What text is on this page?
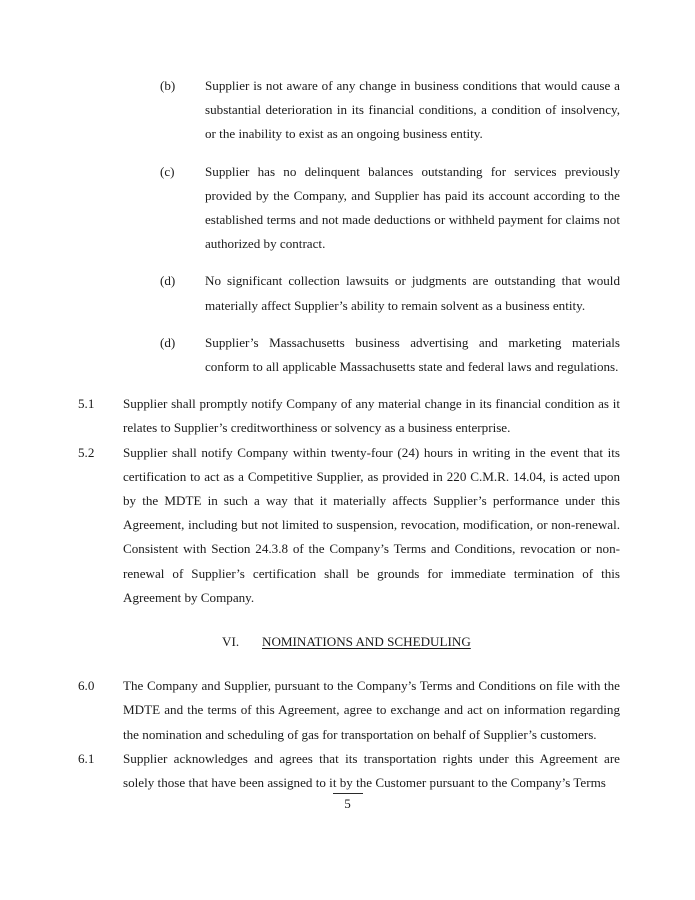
(b)	Supplier is not aware of any change in business conditions that would cause a substantial deterioration in its financial conditions, a condition of insolvency, or the inability to exist as an ongoing business entity.
(c)	Supplier has no delinquent balances outstanding for services previously provided by the Company, and Supplier has paid its account according to the established terms and not made deductions or withheld payment for claims not authorized by contract.
(d)	No significant collection lawsuits or judgments are outstanding that would materially affect Supplier’s ability to remain solvent as a business entity.
(d)	Supplier’s Massachusetts business advertising and marketing materials conform to all applicable Massachusetts state and federal laws and regulations.
5.1	Supplier shall promptly notify Company of any material change in its financial condition as it relates to Supplier’s creditworthiness or solvency as a business enterprise.
5.2	Supplier shall notify Company within twenty-four (24) hours in writing in the event that its certification to act as a Competitive Supplier, as provided in 220 C.M.R. 14.04, is acted upon by the MDTE in such a way that it materially affects Supplier’s performance under this Agreement, including but not limited to suspension, revocation, modification, or non-renewal. Consistent with Section 24.3.8 of the Company’s Terms and Conditions, revocation or non-renewal of Supplier’s certification shall be grounds for immediate termination of this Agreement by Company.
VI. NOMINATIONS AND SCHEDULING
6.0	The Company and Supplier, pursuant to the Company’s Terms and Conditions on file with the MDTE and the terms of this Agreement, agree to exchange and act on information regarding the nomination and scheduling of gas for transportation on behalf of Supplier’s customers.
6.1	Supplier acknowledges and agrees that its transportation rights under this Agreement are solely those that have been assigned to it by the Customer pursuant to the Company’s Terms
5
